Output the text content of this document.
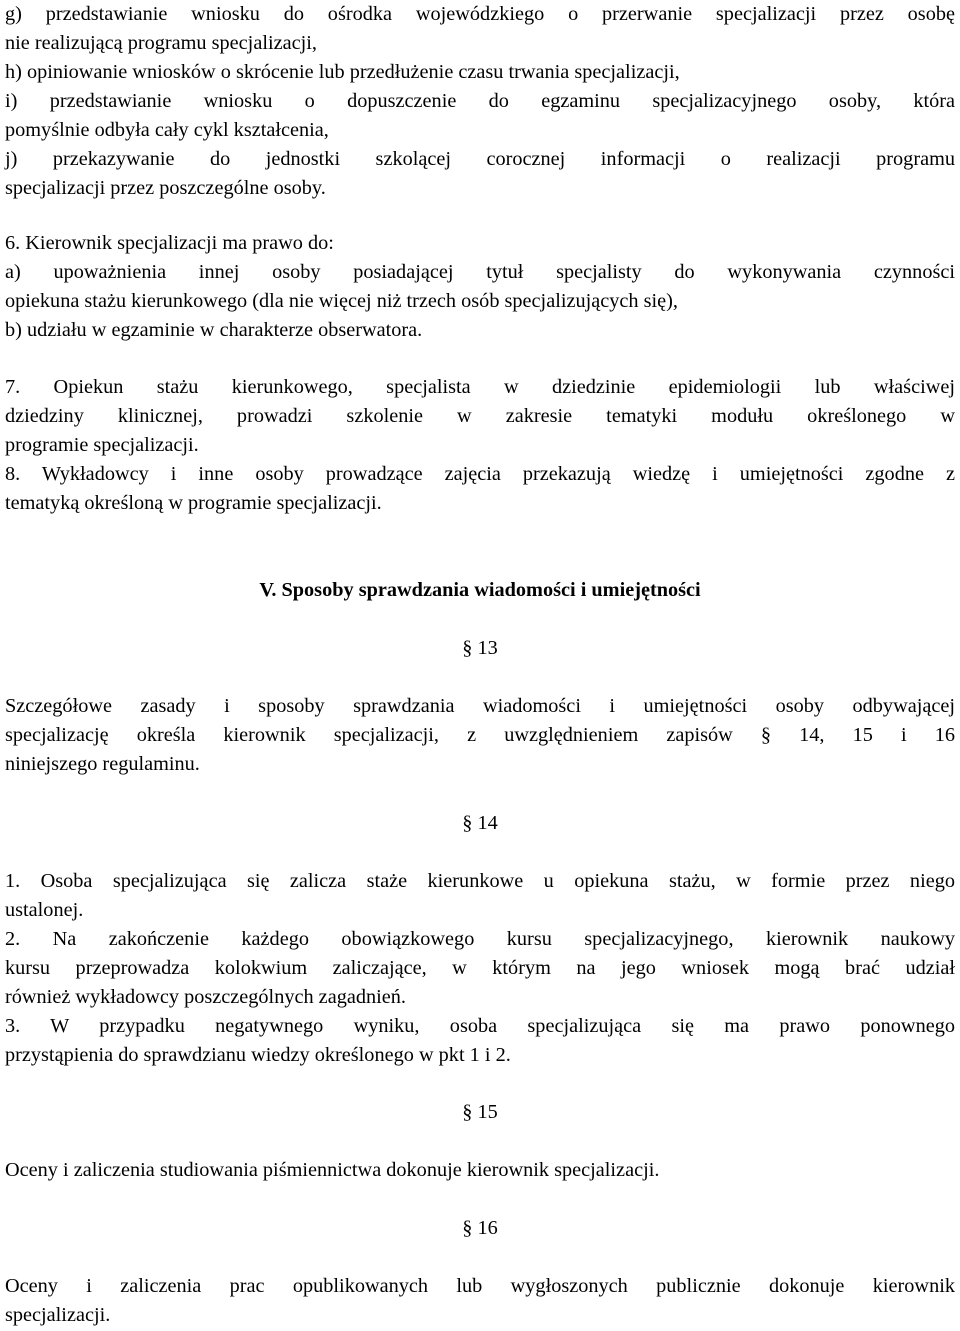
g) przedstawianie wniosku do ośrodka wojewódzkiego o przerwanie specjalizacji przez osobę
nie realizującą programu specjalizacji,
h) opiniowanie wniosków o skrócenie lub przedłużenie czasu trwania specjalizacji,
i) przedstawianie wniosku o dopuszczenie do egzaminu specjalizacyjnego osoby, która
pomyślnie odbyła cały cykl kształcenia,
j) przekazywanie do jednostki szkolącej corocznej informacji o realizacji programu
specjalizacji przez poszczególne osoby.
6. Kierownik specjalizacji ma prawo do:
a) upoważnienia innej osoby posiadającej tytuł specjalisty do wykonywania czynności
opiekuna stażu kierunkowego (dla nie więcej niż trzech osób specjalizujących się),
b) udziału w egzaminie w charakterze obserwatora.
7. Opiekun stażu kierunkowego, specjalista w dziedzinie epidemiologii lub właściwej
dziedziny klinicznej, prowadzi szkolenie w zakresie tematyki modułu określonego w
programie specjalizacji.
8. Wykładowcy i inne osoby prowadzące zajęcia przekazują wiedzę i umiejętności zgodne z
tematyką określoną w programie specjalizacji.
V. Sposoby sprawdzania wiadomości i umiejętności
§ 13
Szczegółowe zasady i sposoby sprawdzania wiadomości i umiejętności osoby odbywającej
specjalizację określa kierownik specjalizacji, z uwzględnieniem zapisów § 14, 15 i 16
niniejszego regulaminu.
§ 14
1. Osoba specjalizująca się zalicza staże kierunkowe u opiekuna stażu, w formie przez niego
ustalonej.
2. Na zakończenie każdego obowiązkowego kursu specjalizacyjnego, kierownik naukowy
kursu przeprowadza kolokwium zaliczające, w którym na jego wniosek mogą brać udział
również wykładowcy poszczególnych zagadnień.
3. W przypadku negatywnego wyniku, osoba specjalizująca się ma prawo ponownego
przystąpienia do sprawdzianu wiedzy określonego w pkt 1 i 2.
§ 15
Oceny i zaliczenia studiowania piśmiennictwa dokonuje kierownik specjalizacji.
§ 16
Oceny i zaliczenia prac opublikowanych lub wygłoszonych publicznie dokonuje kierownik
specjalizacji.
